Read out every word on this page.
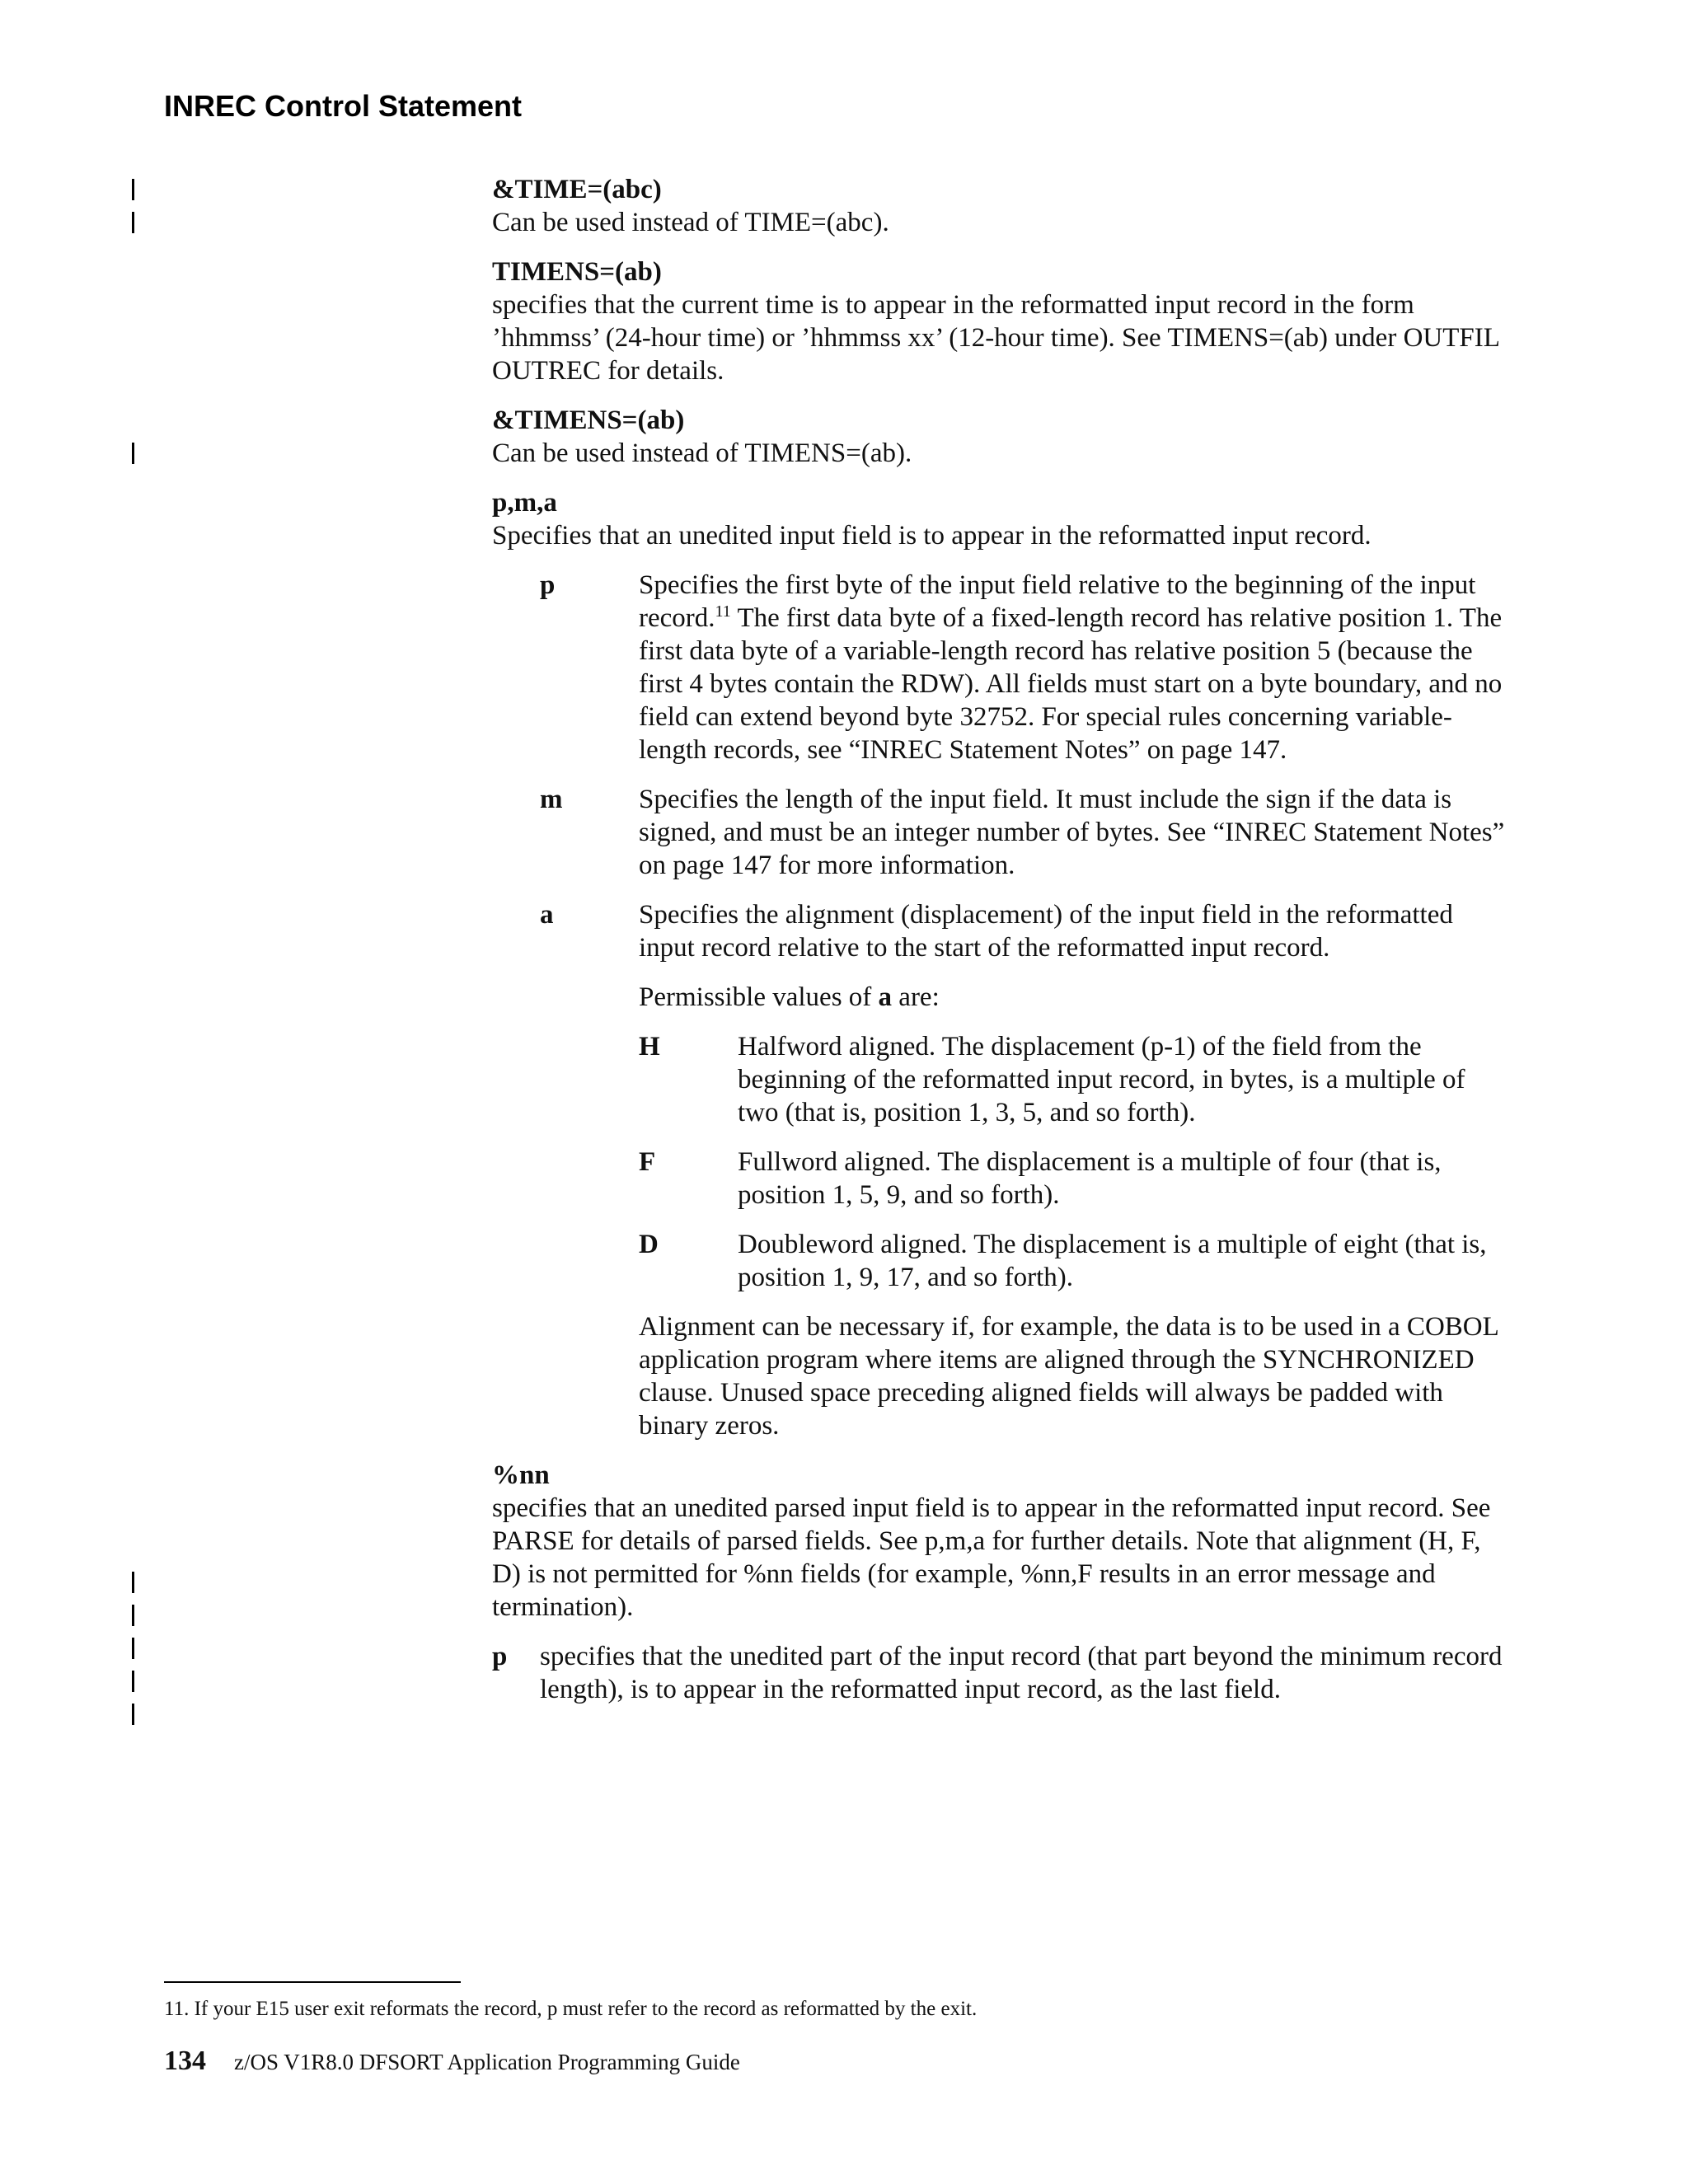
INREC Control Statement

&TIME=(abc)

Can be used instead of TIME=(abc).

TIMENS=(ab)

specifies that the current time is to appear in the reformatted input record in the form ’hhmmss’ (24-hour time) or ’hhmmss xx’ (12-hour time). See TIMENS=(ab) under OUTFIL OUTREC for details.

&TIMENS=(ab)

Can be used instead of TIMENS=(ab).

p,m,a

Specifies that an unedited input field is to appear in the reformatted input record.

p	Specifies the first byte of the input field relative to the beginning of the input record.$^{11}$ The first data byte of a fixed-length record has relative position 1. The first data byte of a variable-length record has relative position 5 (because the first 4 bytes contain the RDW). All fields must start on a byte boundary, and no field can extend beyond byte 32752. For special rules concerning variable-length records, see “INREC Statement Notes” on page 147.
m	Specifies the length of the input field. It must include the sign if the data is signed, and must be an integer number of bytes. See “INREC Statement Notes” on page 147 for more information.
a	Specifies the alignment (displacement) of the input field in the reformatted input record relative to the start of the reformatted input record.

Permissible values of a are:

H	Halfword aligned. The displacement (p-1) of the field from the beginning of the reformatted input record, in bytes, is a multiple of two (that is, position 1, 3, 5, and so forth).
F	Fullword aligned. The displacement is a multiple of four (that is, position 1, 5, 9, and so forth).
D	Doubleword aligned. The displacement is a multiple of eight (that is, position 1, 9, 17, and so forth).

Alignment can be necessary if, for example, the data is to be used in a COBOL application program where items are aligned through the SYNCHRONIZED clause. Unused space preceding aligned fields will always be padded with binary zeros.

%nn

specifies that an unedited parsed input field is to appear in the reformatted input record. See PARSE for details of parsed fields. See p,m,a for further details. Note that alignment (H, F, D) is not permitted for %nn fields (for example, %nn,F results in an error message and termination).

p	specifies that the unedited part of the input record (that part beyond the minimum record length), is to appear in the reformatted input record, as the last field.
11. If your E15 user exit reformats the record, p must refer to the record as reformatted by the exit.
134 z/OS V1R8.0 DFSORT Application Programming Guide
